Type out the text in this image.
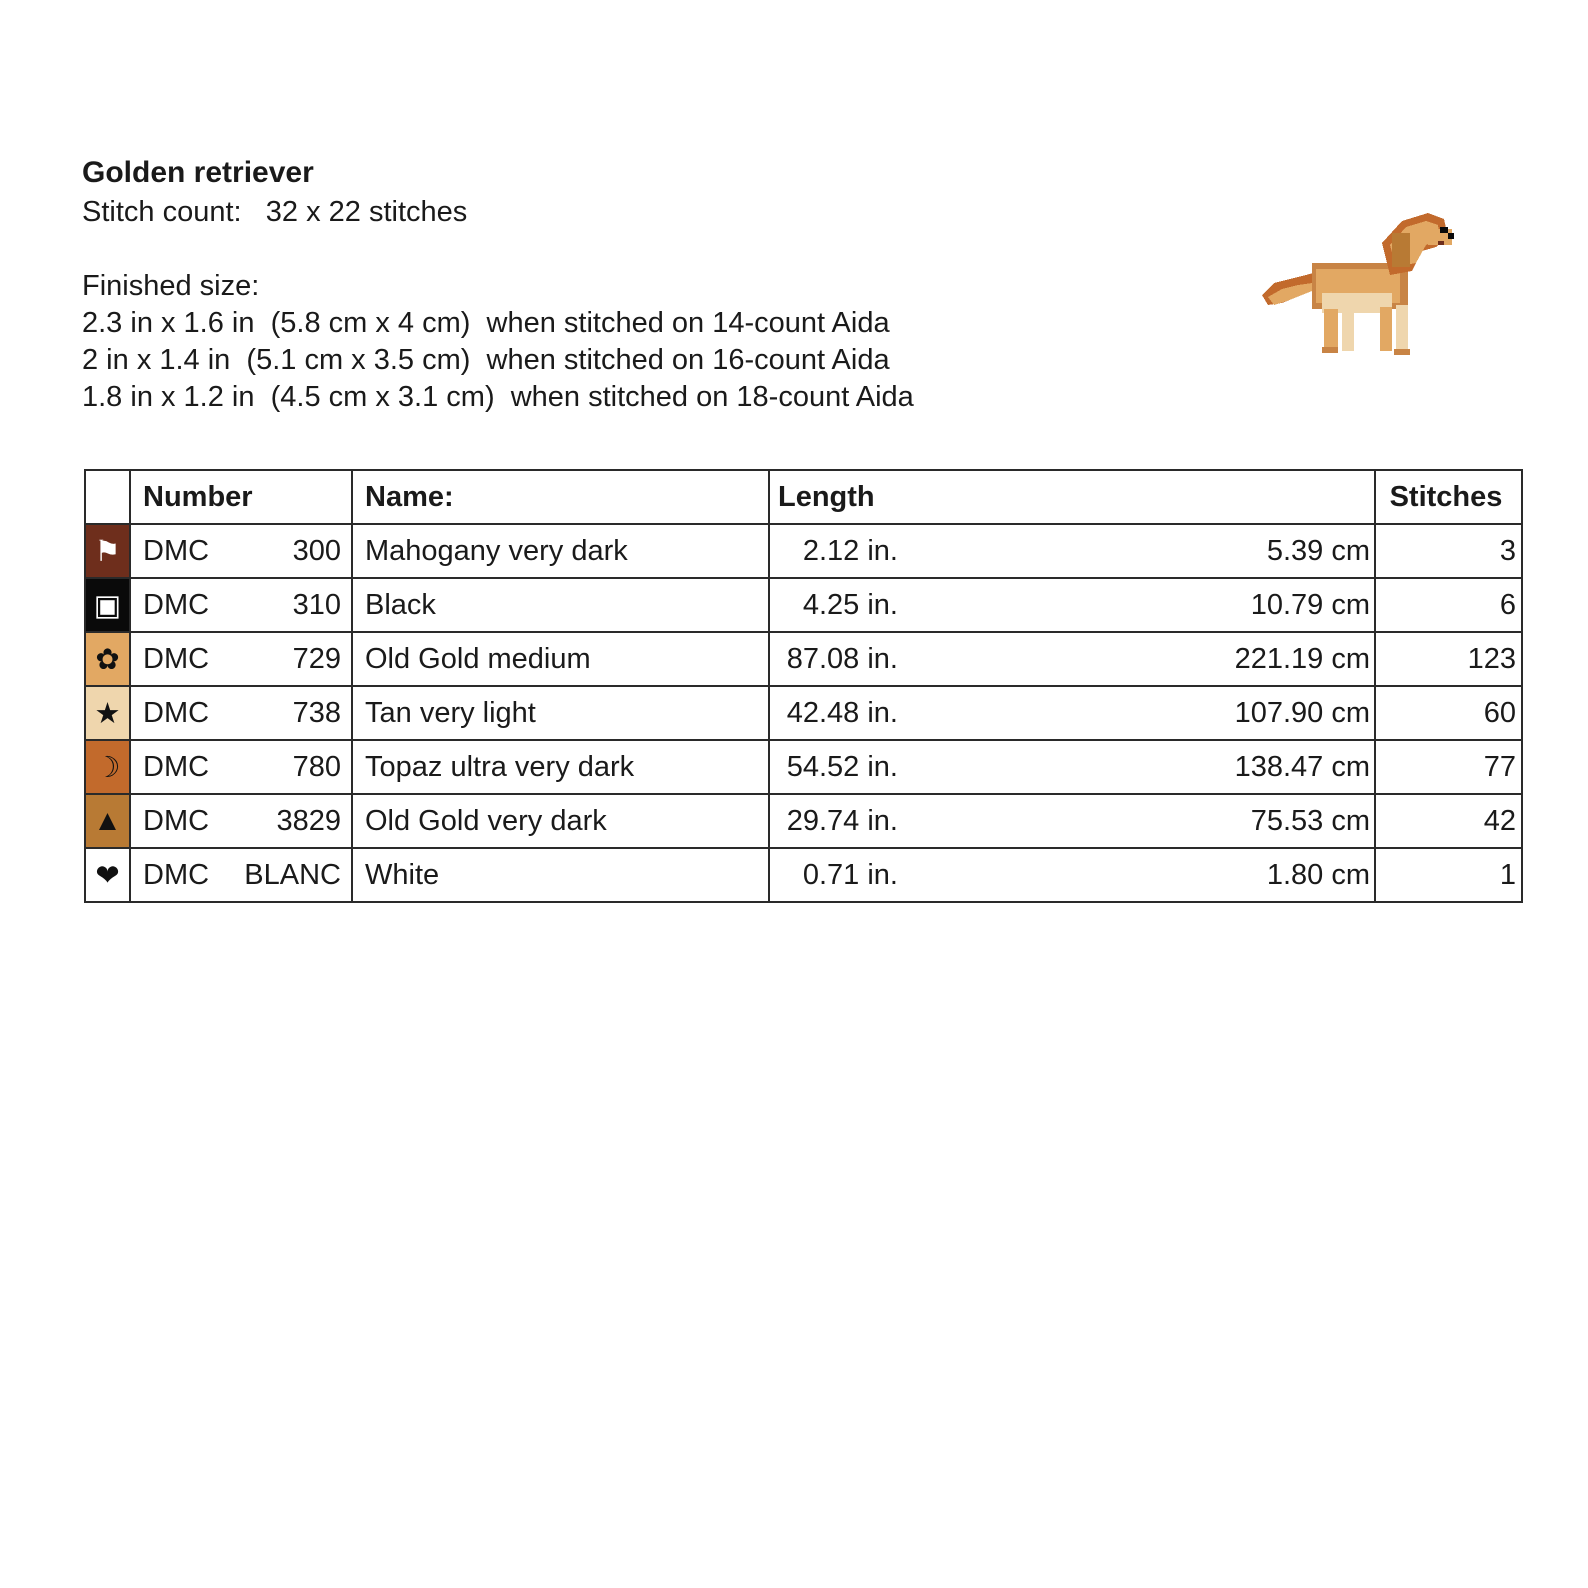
Golden retriever
Stitch count: 32 x 22 stitches
Finished size:
2.3 in x 1.6 in  (5.8 cm x 4 cm)  when stitched on 14-count Aida
2 in x 1.4 in  (5.1 cm x 3.5 cm)  when stitched on 16-count Aida
1.8 in x 1.2 in  (4.5 cm x 3.1 cm)  when stitched on 18-count Aida

	Number	Name:	Length	Stitches
⚑	DMC 300	Mahogany very dark	2.12 in. 5.39 cm	3
▣	DMC 310	Black	4.25 in. 10.79 cm	6
✿	DMC 729	Old Gold medium	87.08 in. 221.19 cm	123
★	DMC 738	Tan very light	42.48 in. 107.90 cm	60
☽	DMC 780	Topaz ultra very dark	54.52 in. 138.47 cm	77
▲	DMC 3829	Old Gold very dark	29.74 in. 75.53 cm	42
❤	DMC BLANC	White	0.71 in. 1.80 cm	1
